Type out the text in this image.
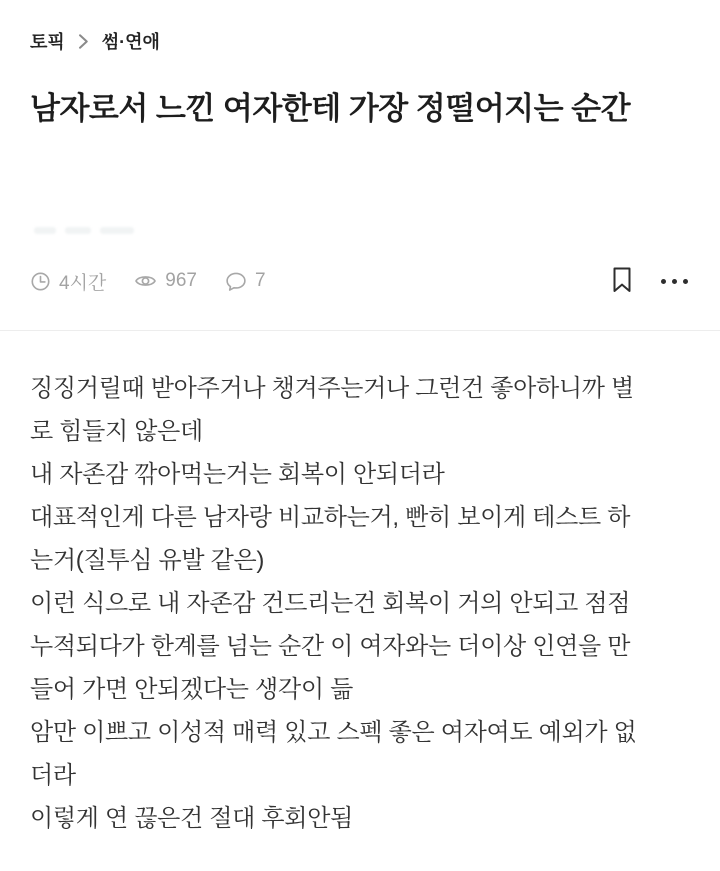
토픽 썸·연애
남자로서 느낀 여자한테 가장 정떨어지는 순간
4시간	967	7

징징거릴때 받아주거나 챙겨주는거나 그런건 좋아하니까 별

로 힘들지 않은데

내 자존감 깎아먹는거는 회복이 안되더라

대표적인게 다른 남자랑 비교하는거, 빤히 보이게 테스트 하

는거(질투심 유발 같은)

이런 식으로 내 자존감 건드리는건 회복이 거의 안되고 점점

누적되다가 한계를 넘는 순간 이 여자와는 더이상 인연을 만

들어 가면 안되겠다는 생각이 듦

암만 이쁘고 이성적 매력 있고 스펙 좋은 여자여도 예외가 없

더라

이렇게 연 끊은건 절대 후회안됨
